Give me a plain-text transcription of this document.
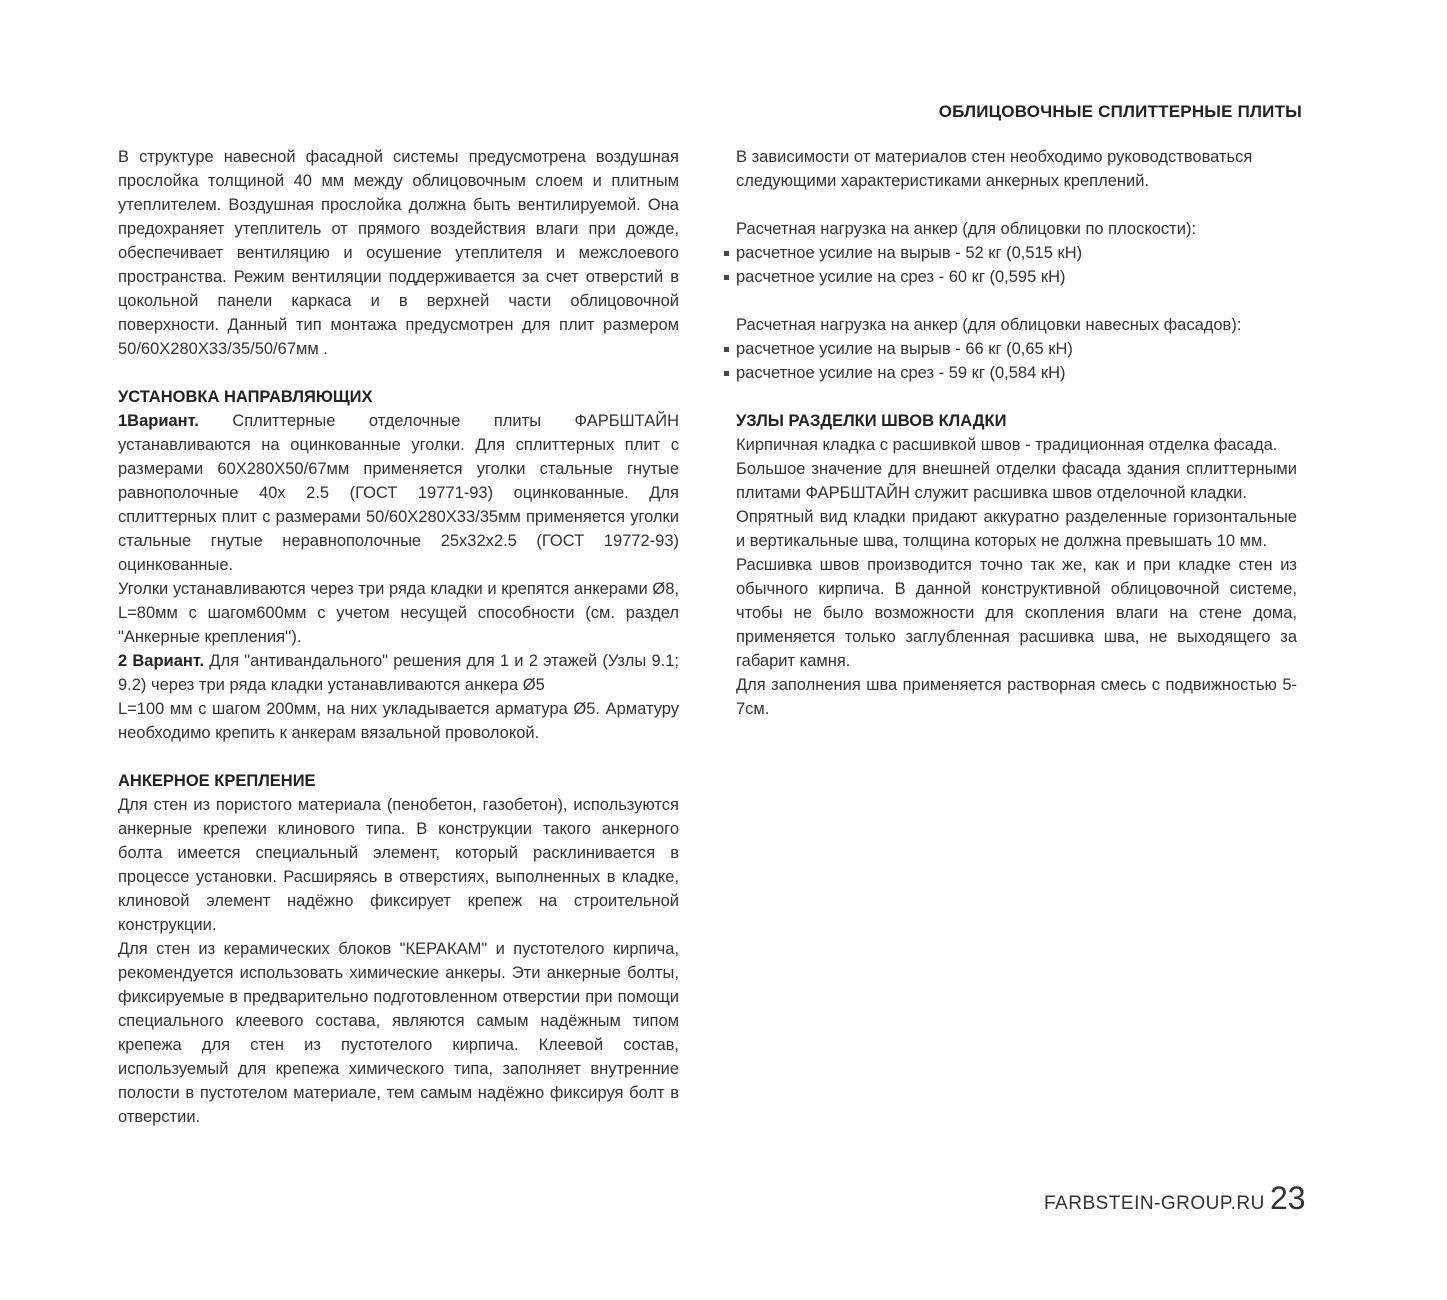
ОБЛИЦОВОЧНЫЕ СПЛИТТЕРНЫЕ ПЛИТЫ

В структуре навесной фасадной системы предусмотрена воздушная прослойка толщиной 40 мм между облицовочным слоем и плитным утеплителем. Воздушная прослойка должна быть вентилируемой. Она предохраняет утеплитель от прямого воздействия влаги при дожде, обеспечивает вентиляцию и осушение утеплителя и межслоевого пространства. Режим вентиляции поддерживается за счет отверстий в цокольной панели каркаса и в верхней части облицовочной поверхности. Данный тип монтажа предусмотрен для плит размером 50/60Х280Х33/35/50/67мм .

УСТАНОВКА НАПРАВЛЯЮЩИХ

1Вариант. Сплиттерные отделочные плиты ФАРБШТАЙН устанавливаются на оцинкованные уголки. Для сплиттерных плит с размерами 60Х280Х50/67мм применяется уголки стальные гнутые равнополочные 40х 2.5 (ГОСТ 19771-93) оцинкованные. Для сплиттерных плит с размерами 50/60Х280Х33/35мм применяется уголки стальные гнутые неравнополочные 25х32х2.5 (ГОСТ 19772-93) оцинкованные.

Уголки устанавливаются через три ряда кладки и крепятся анкерами Ø8, L=80мм с шагом600мм с учетом несущей способности (см. раздел "Анкерные крепления'').

2 Вариант. Для "антивандального" решения для 1 и 2 этажей (Узлы 9.1; 9.2) через три ряда кладки устанавливаются анкера Ø5

L=100 мм с шагом 200мм, на них укладывается арматура Ø5. Арматуру необходимо крепить к анкерам вязальной проволокой.

АНКЕРНОЕ КРЕПЛЕНИЕ

Для стен из пористого материала (пенобетон, газобетон), используются анкерные крепежи клинового типа. В конструкции такого анкерного болта имеется специальный элемент, который расклинивается в процессе установки. Расширяясь в отверстиях, выполненных в кладке, клиновой элемент надёжно фиксирует крепеж на строительной конструкции.

Для стен из керамических блоков "КЕРАКАМ" и пустотелого кирпича, рекомендуется использовать химические анкеры. Эти анкерные болты, фиксируемые в предварительно подготовленном отверстии при помощи специального клеевого состава, являются самым надёжным типом крепежа для стен из пустотелого кирпича. Клеевой состав, используемый для крепежа химического типа, заполняет внутренние полости в пустотелом материале, тем самым надёжно фиксируя болт в отверстии.

В зависимости от материалов стен необходимо руководствоваться следующими характеристиками анкерных креплений.

Расчетная нагрузка на анкер (для облицовки по плоскости):

расчетное усилие на вырыв - 52 кг (0,515 кН)
расчетное усилие на срез - 60 кг (0,595 кН)

Расчетная нагрузка на анкер (для облицовки навесных фасадов):

расчетное усилие на вырыв - 66 кг (0,65 кН)
расчетное усилие на срез - 59 кг (0,584 кН)

УЗЛЫ РАЗДЕЛКИ ШВОВ КЛАДКИ

Кирпичная кладка с расшивкой швов - традиционная отделка фасада.

Большое значение для внешней отделки фасада здания сплиттерными плитами ФАРБШТАЙН служит расшивка швов отделочной кладки.

Опрятный вид кладки придают аккуратно разделенные горизонтальные и вертикальные шва, толщина которых не должна превышать 10 мм.

Расшивка швов производится точно так же, как и при кладке стен из обычного кирпича. В данной конструктивной облицовочной системе, чтобы не было возможности для скопления влаги на стене дома, применяется только заглубленная расшивка шва, не выходящего за габарит камня.

Для заполнения шва применяется растворная смесь с подвижностью 5- 7см.

FARBSTEIN-GROUP.RU 23
